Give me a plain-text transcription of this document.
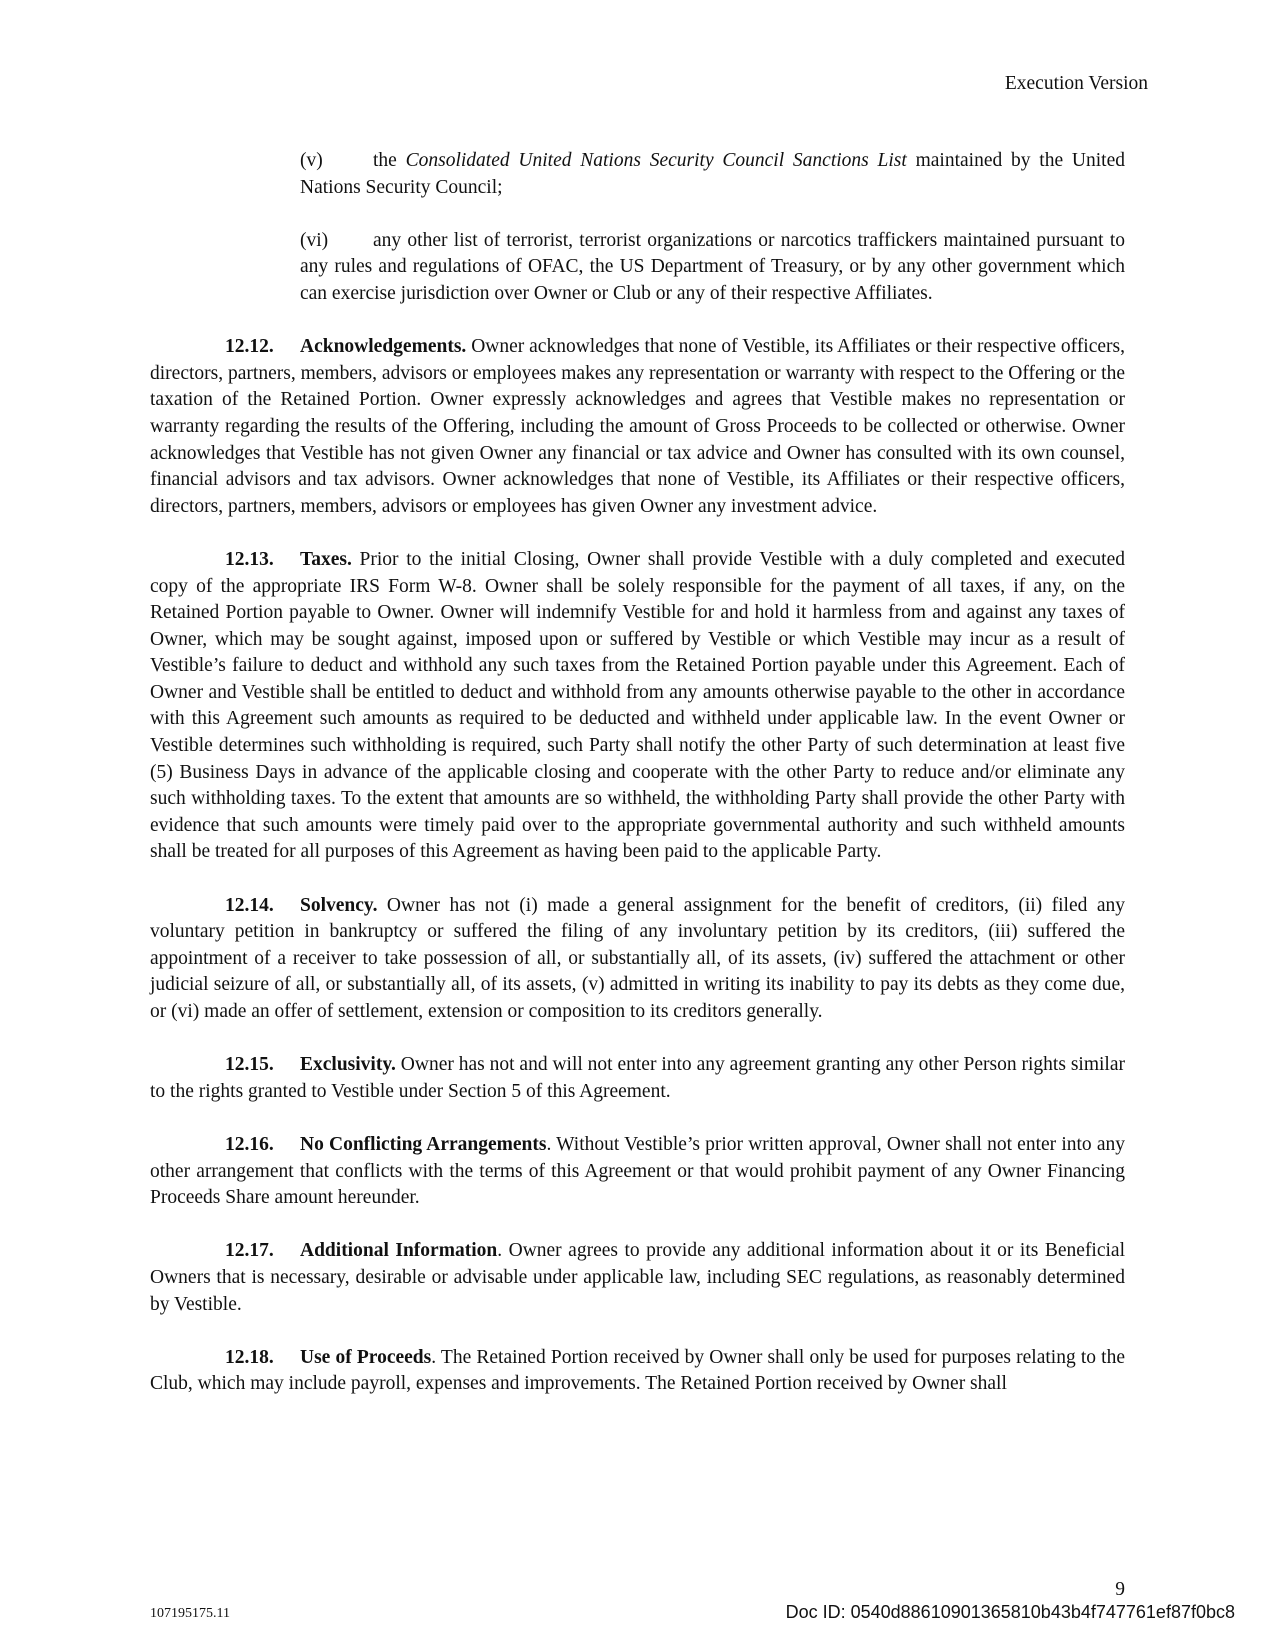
Execution Version

(v)	the Consolidated United Nations Security Council Sanctions List maintained by the United Nations Security Council;

(vi) any other list of terrorist, terrorist organizations or narcotics traffickers maintained pursuant to any rules and regulations of OFAC, the US Department of Treasury, or by any other government which can exercise jurisdiction over Owner or Club or any of their respective Affiliates.

12.12. Acknowledgements. Owner acknowledges that none of Vestible, its Affiliates or their respective officers, directors, partners, members, advisors or employees makes any representation or warranty with respect to the Offering or the taxation of the Retained Portion. Owner expressly acknowledges and agrees that Vestible makes no representation or warranty regarding the results of the Offering, including the amount of Gross Proceeds to be collected or otherwise. Owner acknowledges that Vestible has not given Owner any financial or tax advice and Owner has consulted with its own counsel, financial advisors and tax advisors. Owner acknowledges that none of Vestible, its Affiliates or their respective officers, directors, partners, members, advisors or employees has given Owner any investment advice.

12.13. Taxes. Prior to the initial Closing, Owner shall provide Vestible with a duly completed and executed copy of the appropriate IRS Form W-8. Owner shall be solely responsible for the payment of all taxes, if any, on the Retained Portion payable to Owner. Owner will indemnify Vestible for and hold it harmless from and against any taxes of Owner, which may be sought against, imposed upon or suffered by Vestible or which Vestible may incur as a result of Vestible’s failure to deduct and withhold any such taxes from the Retained Portion payable under this Agreement. Each of Owner and Vestible shall be entitled to deduct and withhold from any amounts otherwise payable to the other in accordance with this Agreement such amounts as required to be deducted and withheld under applicable law. In the event Owner or Vestible determines such withholding is required, such Party shall notify the other Party of such determination at least five (5) Business Days in advance of the applicable closing and cooperate with the other Party to reduce and/or eliminate any such withholding taxes. To the extent that amounts are so withheld, the withholding Party shall provide the other Party with evidence that such amounts were timely paid over to the appropriate governmental authority and such withheld amounts shall be treated for all purposes of this Agreement as having been paid to the applicable Party.

12.14. Solvency. Owner has not (i) made a general assignment for the benefit of creditors, (ii) filed any voluntary petition in bankruptcy or suffered the filing of any involuntary petition by its creditors, (iii) suffered the appointment of a receiver to take possession of all, or substantially all, of its assets, (iv) suffered the attachment or other judicial seizure of all, or substantially all, of its assets, (v) admitted in writing its inability to pay its debts as they come due, or (vi) made an offer of settlement, extension or composition to its creditors generally.

12.15. Exclusivity. Owner has not and will not enter into any agreement granting any other Person rights similar to the rights granted to Vestible under Section 5 of this Agreement.

12.16. No Conflicting Arrangements. Without Vestible’s prior written approval, Owner shall not enter into any other arrangement that conflicts with the terms of this Agreement or that would prohibit payment of any Owner Financing Proceeds Share amount hereunder.

12.17. Additional Information. Owner agrees to provide any additional information about it or its Beneficial Owners that is necessary, desirable or advisable under applicable law, including SEC regulations, as reasonably determined by Vestible.

12.18. Use of Proceeds. The Retained Portion received by Owner shall only be used for purposes relating to the Club, which may include payroll, expenses and improvements. The Retained Portion received by Owner shall

9
107195175.11	Doc ID: 0540d88610901365810b43b4f747761ef87f0bc8
